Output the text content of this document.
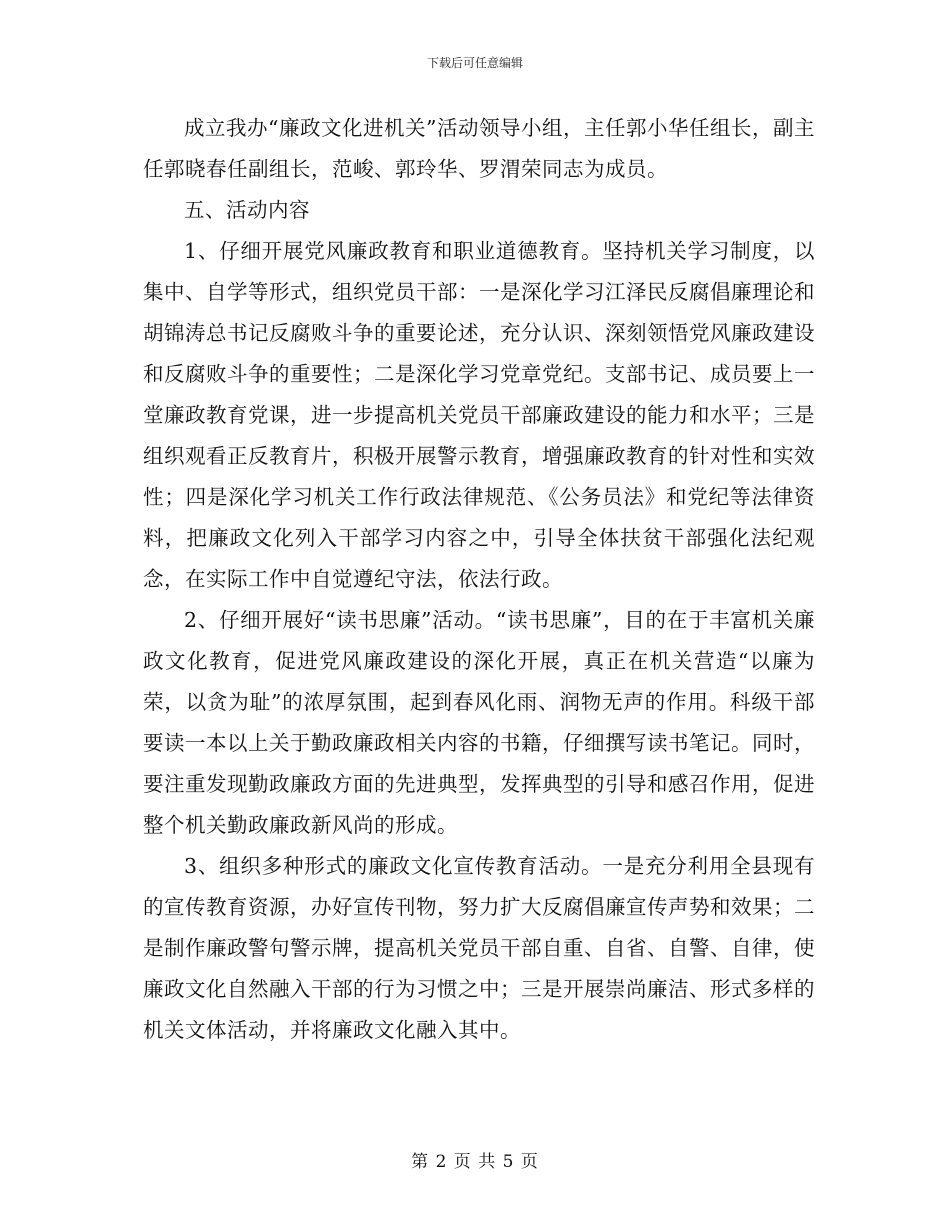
下载后可任意编辑

成立我办“廉政文化进机关”活动领导小组，主任郭小华任组长，副主任郭晓春任副组长，范峻、郭玲华、罗渭荣同志为成员。

五、活动内容

1、仔细开展党风廉政教育和职业道德教育。坚持机关学习制度，以集中、自学等形式，组织党员干部：一是深化学习江泽民反腐倡廉理论和胡锦涛总书记反腐败斗争的重要论述，充分认识、深刻领悟党风廉政建设和反腐败斗争的重要性；二是深化学习党章党纪。支部书记、成员要上一堂廉政教育党课，进一步提高机关党员干部廉政建设的能力和水平；三是组织观看正反教育片，积极开展警示教育，增强廉政教育的针对性和实效性；四是深化学习机关工作行政法律规范、《公务员法》和党纪等法律资料，把廉政文化列入干部学习内容之中，引导全体扶贫干部强化法纪观念，在实际工作中自觉遵纪守法，依法行政。

2、仔细开展好“读书思廉”活动。“读书思廉”，目的在于丰富机关廉政文化教育，促进党风廉政建设的深化开展，真正在机关营造“以廉为荣，以贪为耻”的浓厚氛围，起到春风化雨、润物无声的作用。科级干部要读一本以上关于勤政廉政相关内容的书籍，仔细撰写读书笔记。同时，要注重发现勤政廉政方面的先进典型，发挥典型的引导和感召作用，促进整个机关勤政廉政新风尚的形成。

3、组织多种形式的廉政文化宣传教育活动。一是充分利用全县现有的宣传教育资源，办好宣传刊物，努力扩大反腐倡廉宣传声势和效果；二是制作廉政警句警示牌，提高机关党员干部自重、自省、自警、自律，使廉政文化自然融入干部的行为习惯之中；三是开展崇尚廉洁、形式多样的机关文体活动，并将廉政文化融入其中。

第 2 页 共 5 页
